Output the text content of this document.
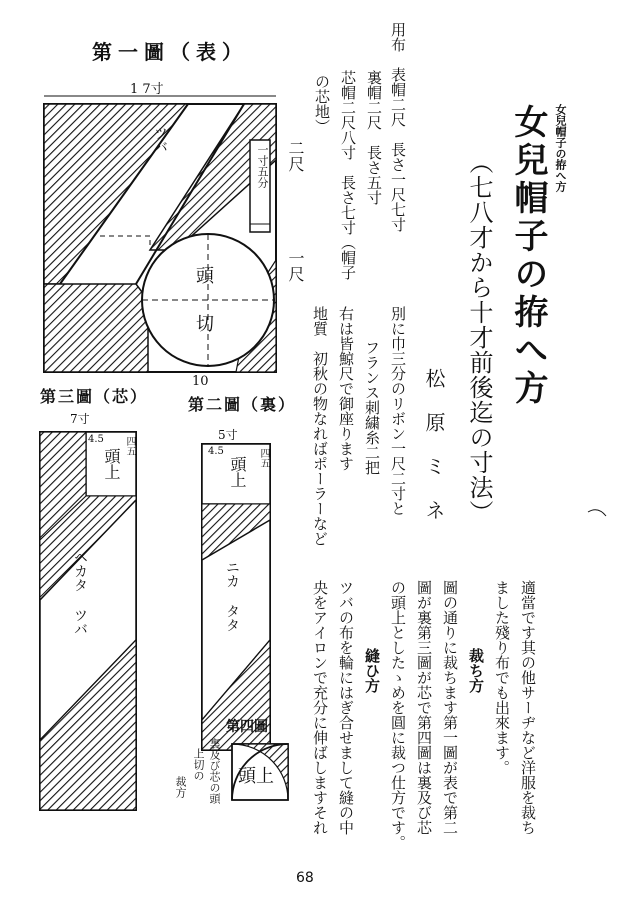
女兒帽子の拵へ方
女兒帽子の拵へ方
（七八才から十才前後迄の寸法）
松原ミネ
用布　表帽二尺　長さ一尺七寸
裏帽二尺　長さ五寸
芯帽二尺八寸　長さ七寸（帽子
の芯地）
別に巾三分のリボン一尺二寸と
フランス刺繍糸二把
右は皆鯨尺で御座ります
地質　初秋の物なればポーラーなど
適當です其の他サーヂなど洋服を裁ち
ました殘り布でも出來ます。
裁ち方
圖の通りに裁ちます第一圖が表で第二
圖が裏第三圖が芯で第四圖は裏及び芯
の頭上としたゝめを圓に裁つ仕方です。
縫ひ方
ツバの布を輪にはぎ合せまして縫の中
央をアイロンで充分に伸ばしますそれ
第一圖（表）
1 7寸
二尺
一尺
10
一寸五分
ツバ
頭
切
第二圖（裏）
5寸
4.5
頭上 四五
ニカ タタ
第三圖（芯）
7寸
4.5
頭上
四五
ヘカタ ツバ
第四圖
頭上
裏及び芯の頭
上切の
裁方
68
